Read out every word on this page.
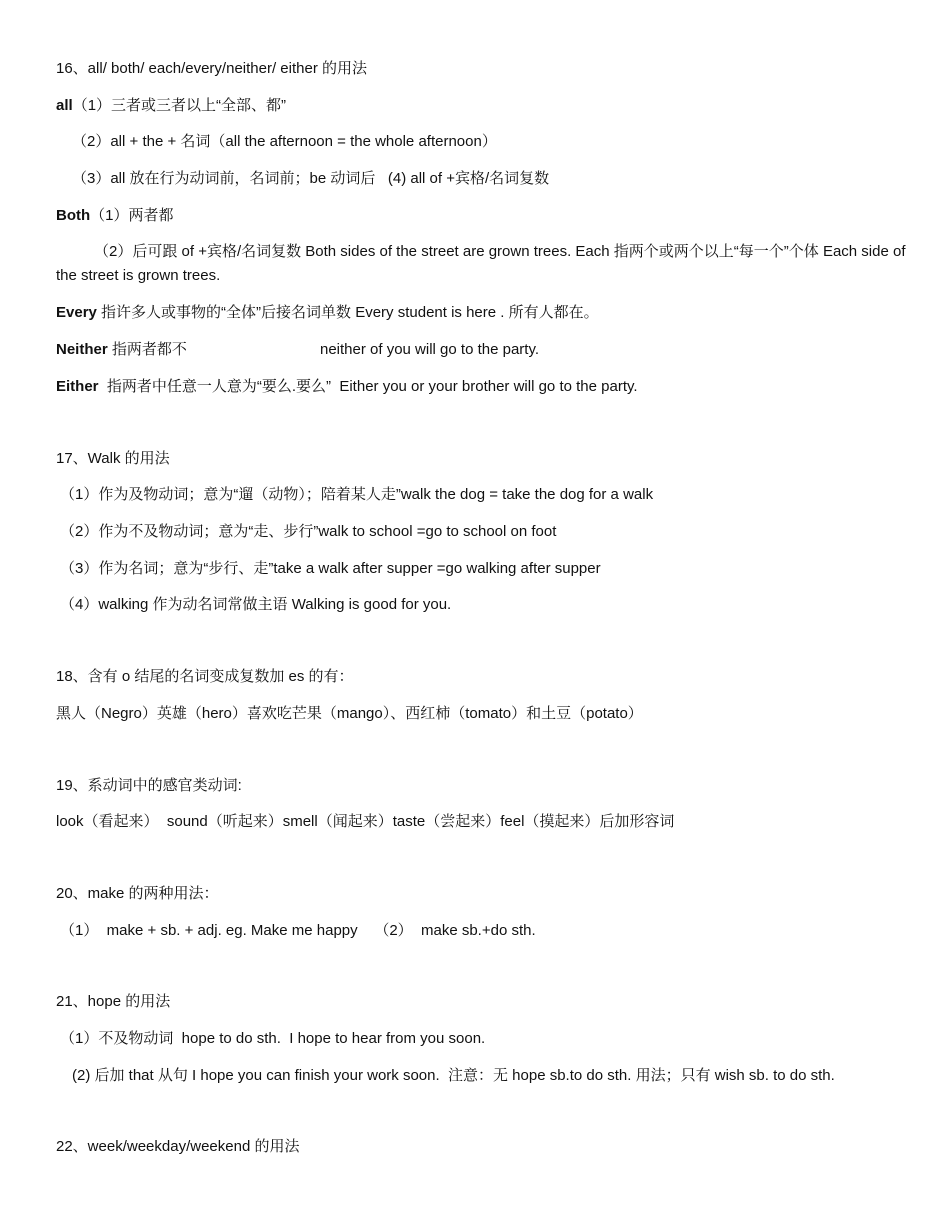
16、all/ both/ each/every/neither/ either 的用法
all（1）三者或三者以上“全部、都”
（2）all + the + 名词（all the afternoon = the whole afternoon）
（3）all 放在行为动词前，名词前；be 动词后   (4) all of +宾格/名词复数
Both（1）两者都
（2）后可跟 of +宾格/名词复数 Both sides of the street are grown trees. Each 指两个或两个以上“每一个”个体 Each side of the street is grown trees.
Every 指许多人或事物的“全体”后接名词单数 Every student is here . 所有人都在。
Neither 指两者都不	neither of you will go to the party.
Either  指两者中任意一人意为“要么.要么”  Either you or your brother will go to the party.
17、Walk 的用法
（1）作为及物动词；意为“遛（动物）；陪着某人走”walk the dog = take the dog for a walk
（2）作为不及物动词；意为“走、步行”walk to school =go to school on foot
（3）作为名词；意为“步行、走”take a walk after supper =go walking after supper
（4）walking 作为动名词常做主语 Walking is good for you.
18、含有 o 结尾的名词变成复数加 es 的有：
黑人（Negro）英雄（hero）喜欢吃芒果（mango）、西红柿（tomato）和土豆（potato）
19、系动词中的感官类动词:
look（看起来）  sound（听起来）smell（闻起来）taste（尝起来）feel（摸起来）后加形容词
20、make 的两种用法：
（1）  make + sb. + adj. eg. Make me happy    （2）  make sb.+do sth.
21、hope 的用法
（1）不及物动词  hope to do sth.  I hope to hear from you soon.
(2) 后加 that 从句 I hope you can finish your work soon.  注意：无 hope sb.to do sth. 用法；只有 wish sb. to do sth.
22、week/weekday/weekend 的用法
